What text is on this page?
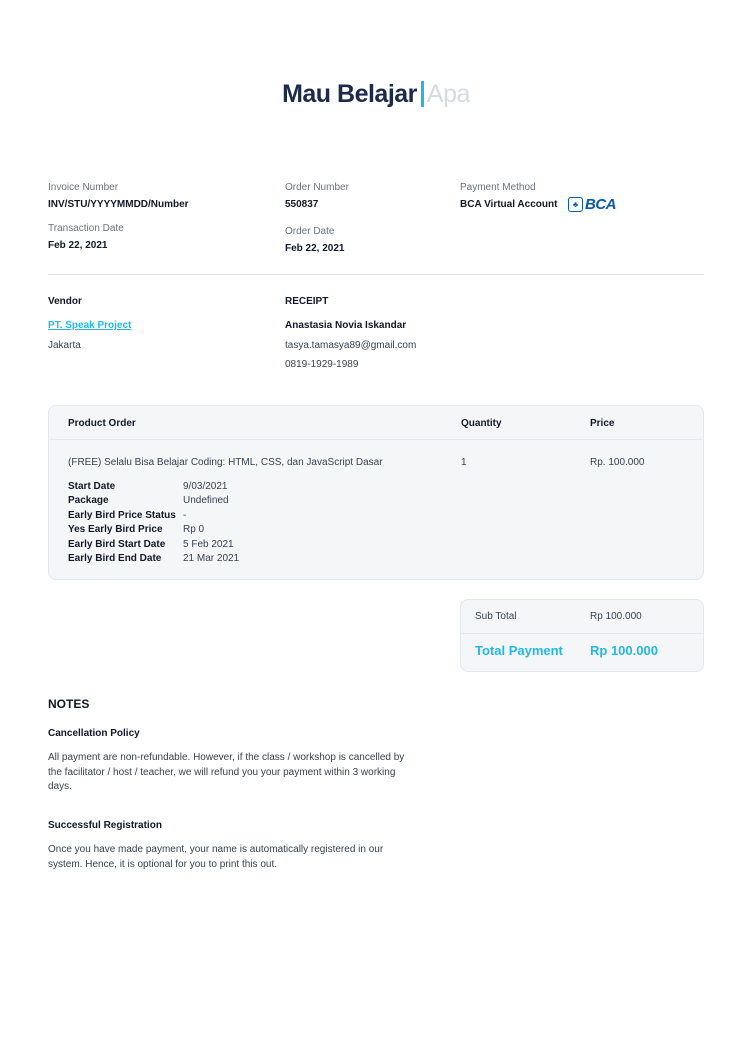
Mau Belajar Apa
Invoice Number
INV/STU/YYYYMMDD/Number
Transaction Date
Feb 22, 2021
Order Number
550837
Order Date
Feb 22, 2021
Payment Method
BCA Virtual Account	♣ BCA
Vendor
PT. Speak Project
Jakarta
RECEIPT
Anastasia Novia Iskandar
tasya.tamasya89@gmail.com
0819-1929-1989
Product Order	Quantity	Price
(FREE) Selalu Bisa Belajar Coding: HTML, CSS, dan JavaScript Dasar	1	Rp. 100.000
Start Date	9/03/2021
Package	Undefined
Early Bird Price Status -
Yes Early Bird Price Rp 0
Early Bird Start Date 5 Feb 2021
Early Bird End Date 21 Mar 2021
Sub Total	Rp 100.000
Total Payment Rp 100.000
NOTES
Cancellation Policy
All payment are non-refundable. However, if the class / workshop is cancelled by the facilitator / host / teacher, we will refund you your payment within 3 working days.
Successful Registration
Once you have made payment, your name is automatically registered in our system. Hence, it is optional for you to print this out.
